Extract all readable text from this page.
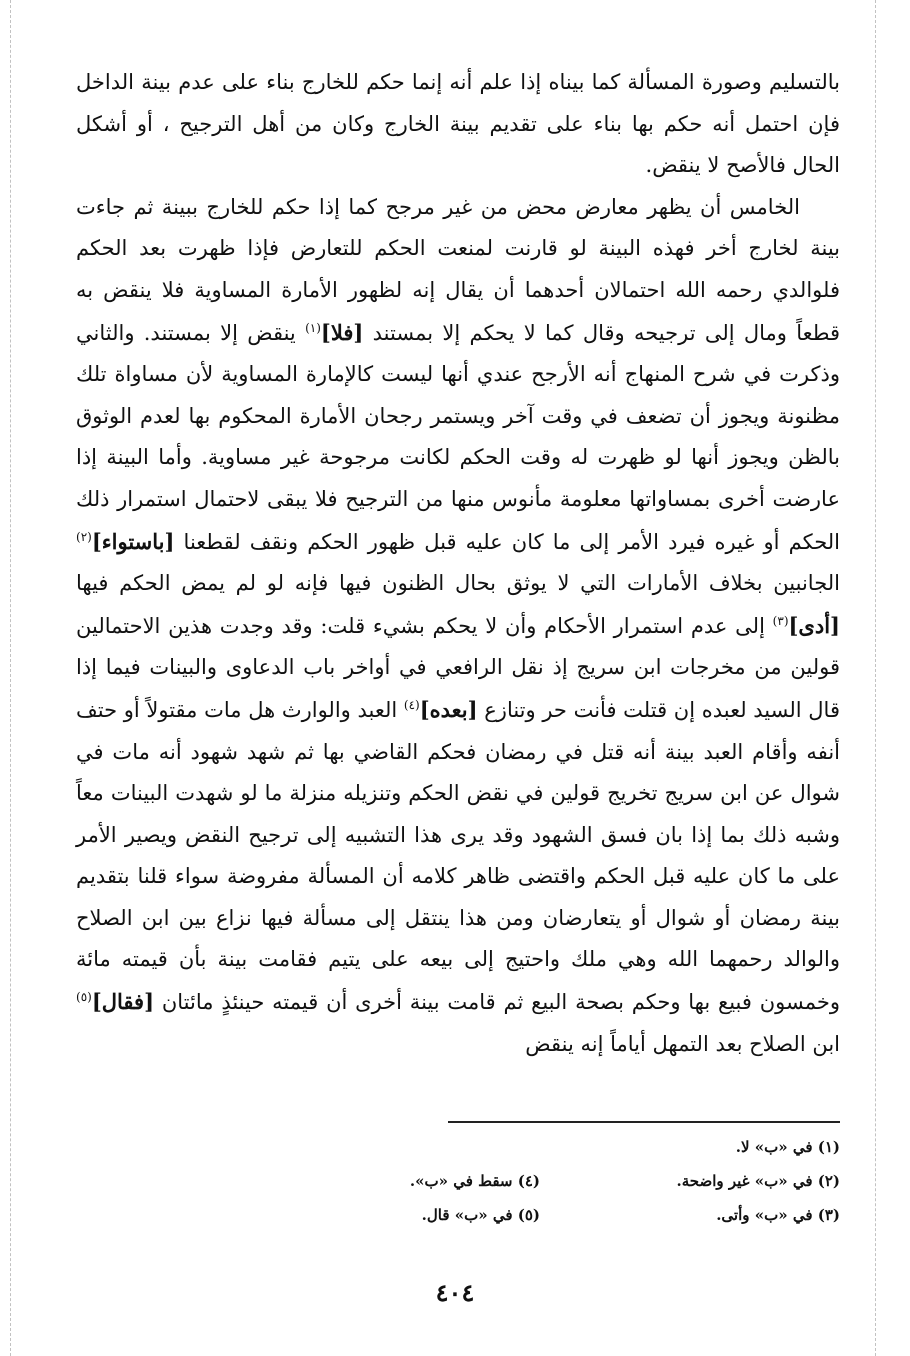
بالتسليم وصورة المسألة كما بيناه إذا علم أنه إنما حكم للخارج بناء على عدم بينة الداخل فإن احتمل أنه حكم بها بناء على تقديم بينة الخارج وكان من أهل الترجيح ، أو أشكل الحال فالأصح لا ينقض.

الخامس أن يظهر معارض محض من غير مرجح كما إذا حكم للخارج ببينة ثم جاءت بينة لخارج أخر فهذه البينة لو قارنت لمنعت الحكم للتعارض فإذا ظهرت بعد الحكم فلوالدي رحمه الله احتمالان أحدهما أن يقال إنه لظهور الأمارة المساوية فلا ينقض به قطعاً ومال إلى ترجيحه وقال كما لا يحكم إلا بمستند [فلا]$^{(١)}$ ينقض إلا بمستند. والثاني وذكرت في شرح المنهاج أنه الأرجح عندي أنها ليست كالإمارة المساوية لأن مساواة تلك مظنونة ويجوز أن تضعف في وقت آخر ويستمر رجحان الأمارة المحكوم بها لعدم الوثوق بالظن ويجوز أنها لو ظهرت له وقت الحكم لكانت مرجوحة غير مساوية. وأما البينة إذا عارضت أخرى بمساواتها معلومة مأنوس منها من الترجيح فلا يبقى لاحتمال استمرار ذلك الحكم أو غيره فيرد الأمر إلى ما كان عليه قبل ظهور الحكم ونقف لقطعنا [باستواء]$^{(٢)}$ الجانبين بخلاف الأمارات التي لا يوثق بحال الظنون فيها فإنه لو لم يمض الحكم فيها [أدى]$^{(٣)}$ إلى عدم استمرار الأحكام وأن لا يحكم بشيء قلت: وقد وجدت هذين الاحتمالين قولين من مخرجات ابن سريج إذ نقل الرافعي في أواخر باب الدعاوى والبينات فيما إذا قال السيد لعبده إن قتلت فأنت حر وتنازع [بعده]$^{(٤)}$ العبد والوارث هل مات مقتولاً أو حتف أنفه وأقام العبد بينة أنه قتل في رمضان فحكم القاضي بها ثم شهد شهود أنه مات في شوال عن ابن سريج تخريج قولين في نقض الحكم وتنزيله منزلة ما لو شهدت البينات معاً وشبه ذلك بما إذا بان فسق الشهود وقد يرى هذا التشبيه إلى ترجيح النقض ويصير الأمر على ما كان عليه قبل الحكم واقتضى ظاهر كلامه أن المسألة مفروضة سواء قلنا بتقديم بينة رمضان أو شوال أو يتعارضان ومن هذا ينتقل إلى مسألة فيها نزاع بين ابن الصلاح والوالد رحمهما الله وهي ملك واحتيج إلى بيعه على يتيم فقامت بينة بأن قيمته مائة وخمسون فبيع بها وحكم بصحة البيع ثم قامت بينة أخرى أن قيمته حينئذٍ مائتان [فقال]$^{(٥)}$ ابن الصلاح بعد التمهل أياماً إنه ينقض

(١) في «ب» لا.
(٢) في «ب» غير واضحة.
(٣) في «ب» وأتى.
(٤) سقط في «ب».
(٥) في «ب» قال.
٤٠٤
